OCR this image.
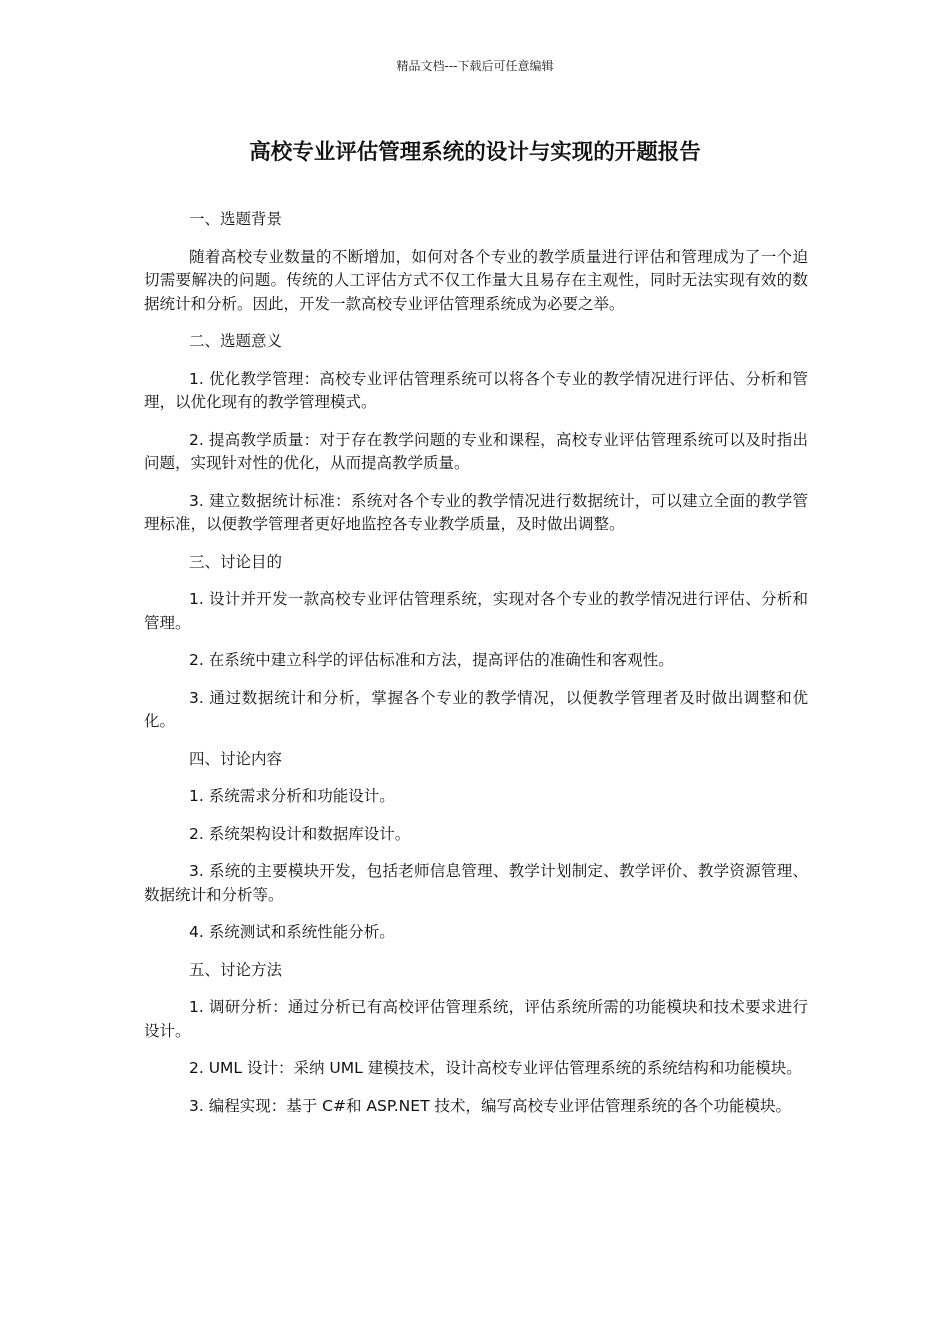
精品文档---下载后可任意编辑
高校专业评估管理系统的设计与实现的开题报告

一、选题背景

随着高校专业数量的不断增加，如何对各个专业的教学质量进行评估和管理成为了一个迫切需要解决的问题。传统的人工评估方式不仅工作量大且易存在主观性，同时无法实现有效的数据统计和分析。因此，开发一款高校专业评估管理系统成为必要之举。

二、选题意义

1. 优化教学管理：高校专业评估管理系统可以将各个专业的教学情况进行评估、分析和管理，以优化现有的教学管理模式。

2. 提高教学质量：对于存在教学问题的专业和课程，高校专业评估管理系统可以及时指出问题，实现针对性的优化，从而提高教学质量。

3. 建立数据统计标准：系统对各个专业的教学情况进行数据统计，可以建立全面的教学管理标准，以便教学管理者更好地监控各专业教学质量，及时做出调整。

三、讨论目的

1. 设计并开发一款高校专业评估管理系统，实现对各个专业的教学情况进行评估、分析和管理。

2. 在系统中建立科学的评估标准和方法，提高评估的准确性和客观性。

3. 通过数据统计和分析，掌握各个专业的教学情况，以便教学管理者及时做出调整和优化。

四、讨论内容

1. 系统需求分析和功能设计。

2. 系统架构设计和数据库设计。

3. 系统的主要模块开发，包括老师信息管理、教学计划制定、教学评价、教学资源管理、数据统计和分析等。

4. 系统测试和系统性能分析。

五、讨论方法

1. 调研分析：通过分析已有高校评估管理系统，评估系统所需的功能模块和技术要求进行设计。

2. UML 设计：采纳 UML 建模技术，设计高校专业评估管理系统的系统结构和功能模块。

3. 编程实现：基于 C#和 ASP.NET 技术，编写高校专业评估管理系统的各个功能模块。
